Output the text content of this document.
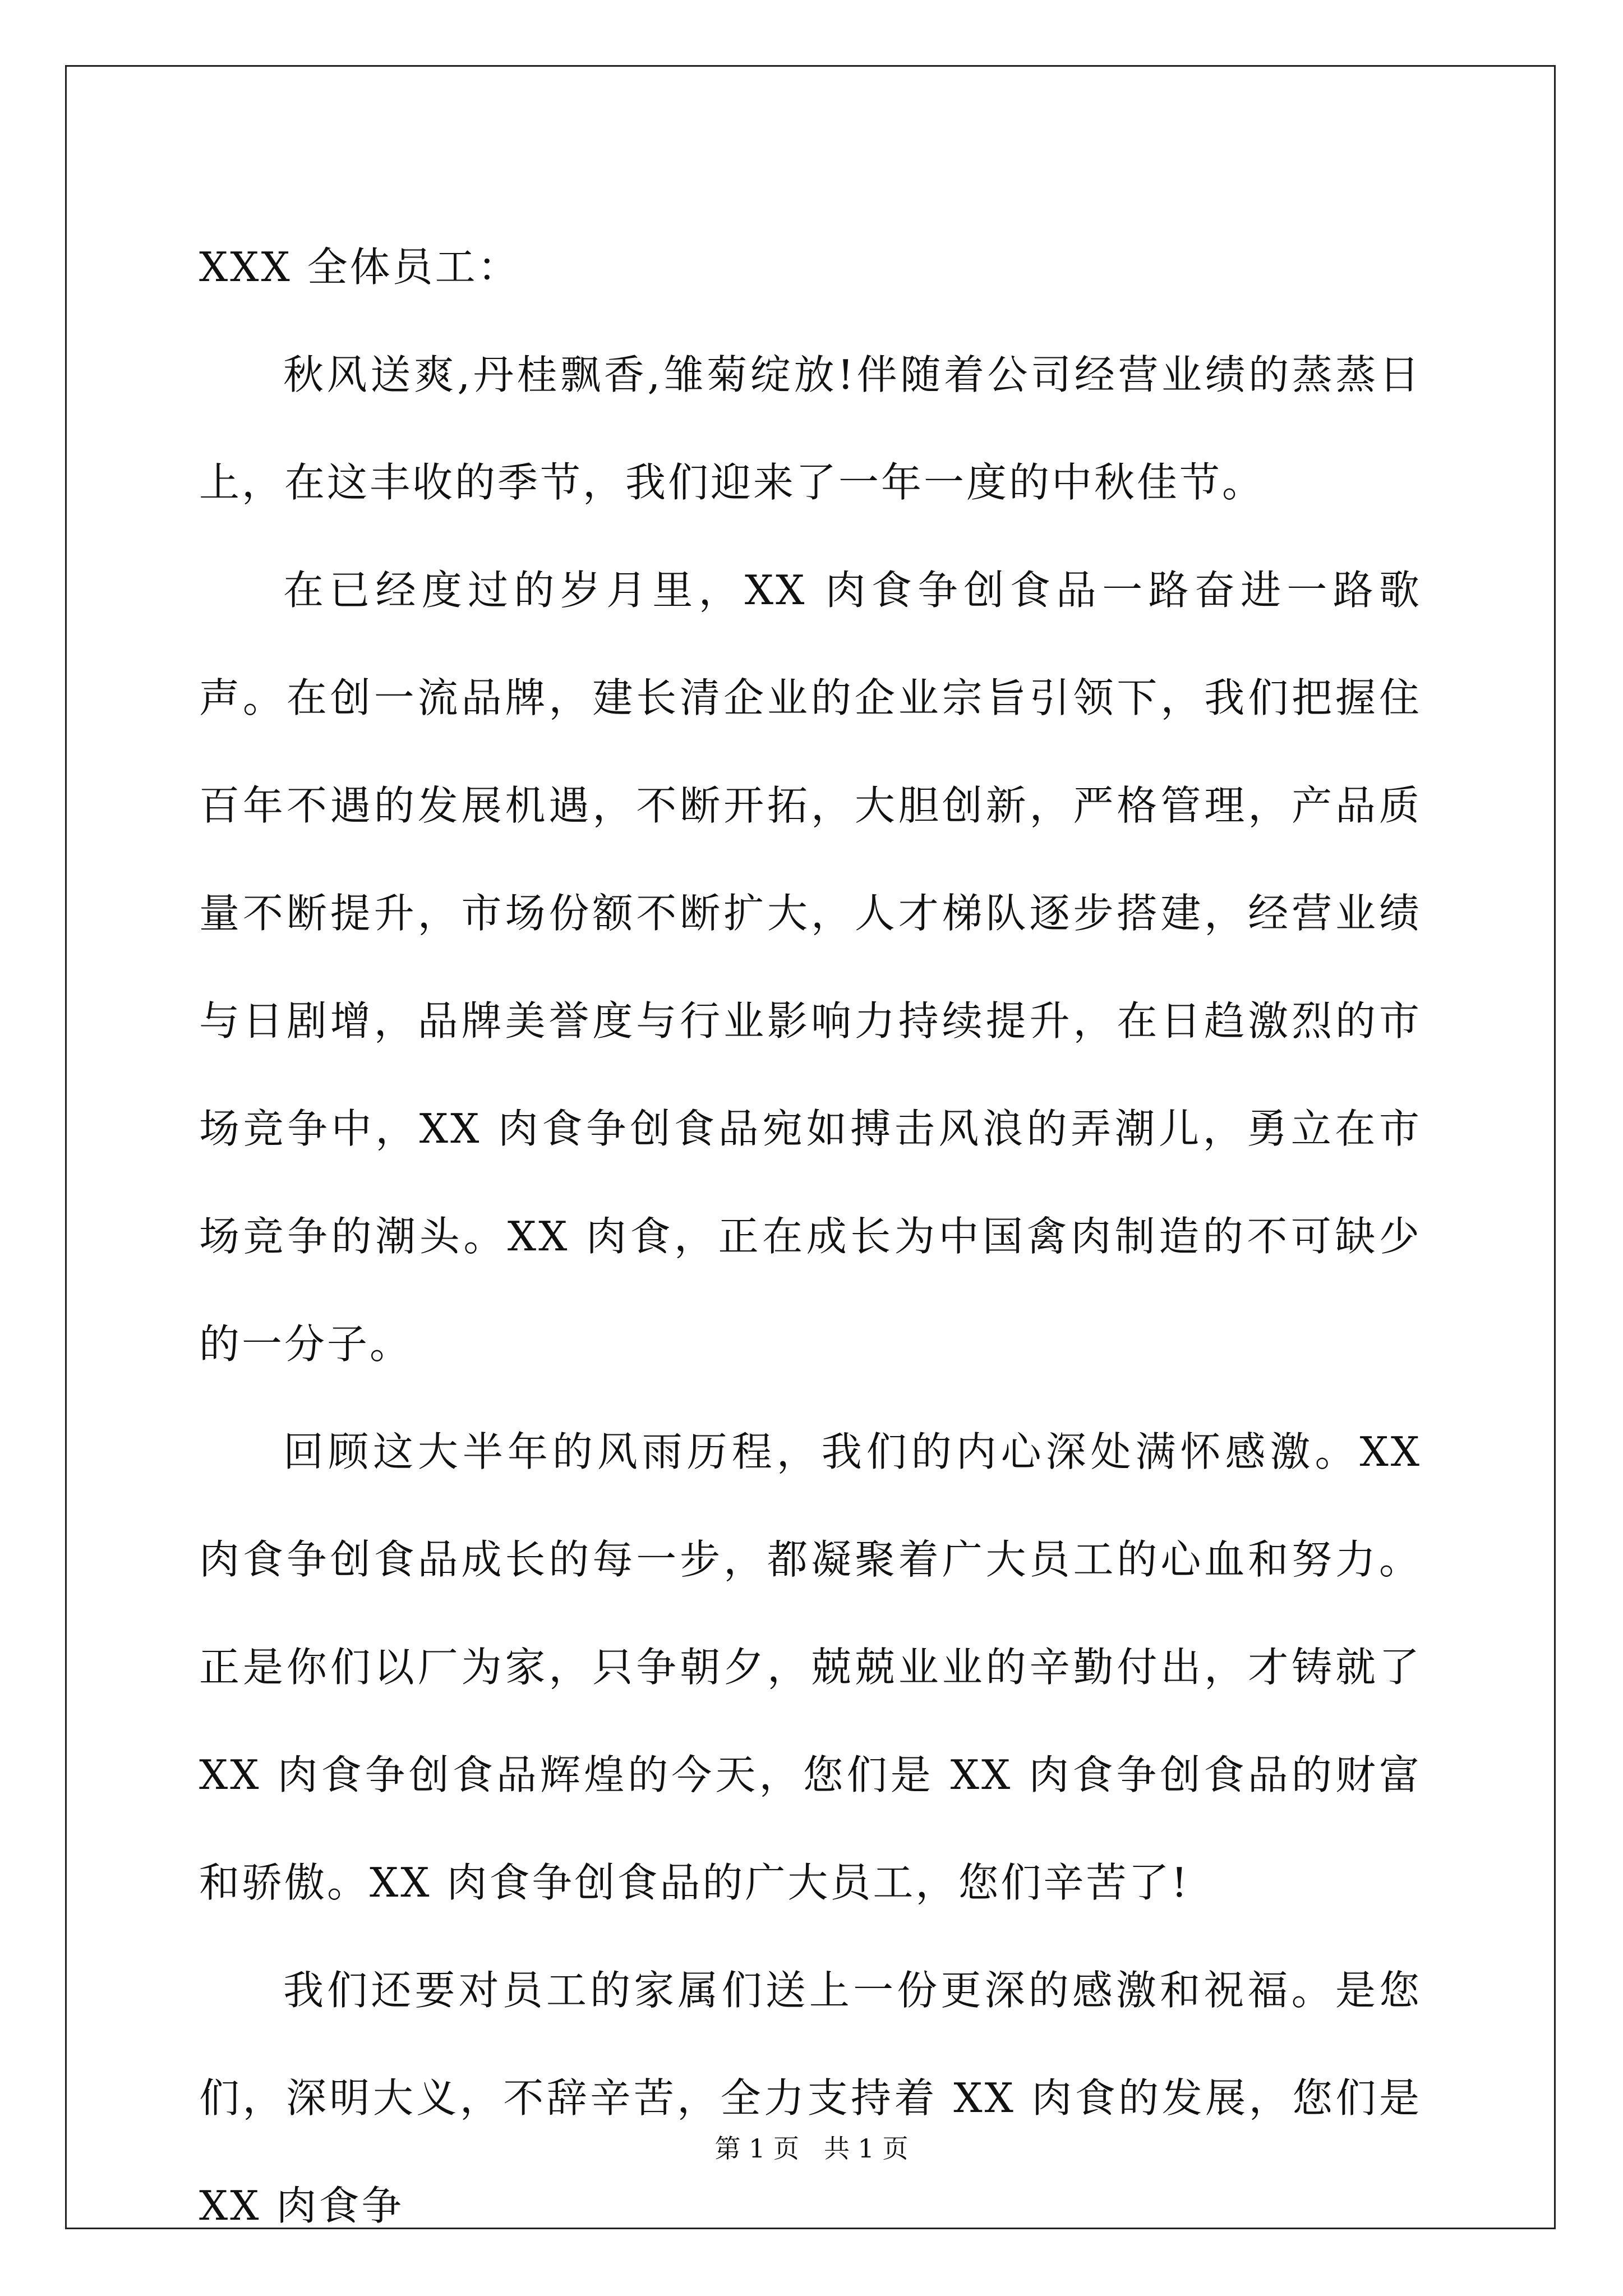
XXX 全体员工：

秋风送爽,丹桂飘香,雏菊绽放!伴随着公司经营业绩的蒸蒸日上，在这丰收的季节，我们迎来了一年一度的中秋佳节。

在已经度过的岁月里，XX 肉食争创食品一路奋进一路歌声。在创一流品牌，建长清企业的企业宗旨引领下，我们把握住百年不遇的发展机遇，不断开拓，大胆创新，严格管理，产品质量不断提升，市场份额不断扩大，人才梯队逐步搭建，经营业绩与日剧增，品牌美誉度与行业影响力持续提升，在日趋激烈的市场竞争中，XX 肉食争创食品宛如搏击风浪的弄潮儿，勇立在市场竞争的潮头。XX 肉食，正在成长为中国禽肉制造的不可缺少的一分子。

回顾这大半年的风雨历程，我们的内心深处满怀感激。XX 肉食争创食品成长的每一步，都凝聚着广大员工的心血和努力。正是你们以厂为家，只争朝夕，兢兢业业的辛勤付出，才铸就了 XX 肉食争创食品辉煌的今天，您们是 XX 肉食争创食品的财富和骄傲。XX 肉食争创食品的广大员工，您们辛苦了!

我们还要对员工的家属们送上一份更深的感激和祝福。是您们，深明大义，不辞辛苦，全力支持着 XX 肉食的发展，您们是 XX 肉食争

第 1 页 共 1 页
